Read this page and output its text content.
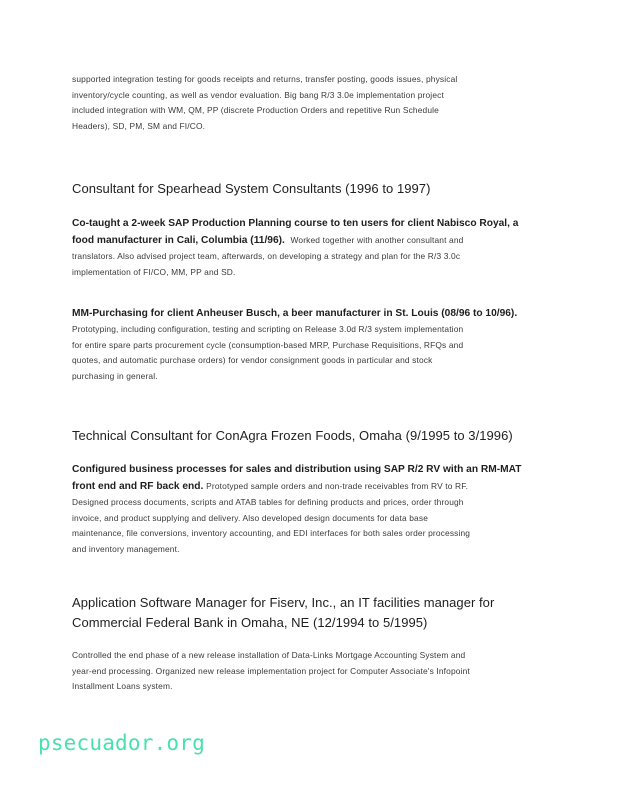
supported integration testing for goods receipts and returns, transfer posting, goods issues, physical
inventory/cycle counting, as well as vendor evaluation. Big bang R/3 3.0e implementation project
included integration with WM, QM, PP (discrete Production Orders and repetitive Run Schedule
Headers), SD, PM, SM and FI/CO.
Consultant for Spearhead System Consultants (1996 to 1997)
Co-taught a 2-week SAP Production Planning course to ten users for client Nabisco Royal, a
food manufacturer in Cali, Columbia (11/96). Worked together with another consultant and
translators. Also advised project team, afterwards, on developing a strategy and plan for the R/3 3.0c
implementation of FI/CO, MM, PP and SD.
MM-Purchasing for client Anheuser Busch, a beer manufacturer in St. Louis (08/96 to 10/96).
Prototyping, including configuration, testing and scripting on Release 3.0d R/3 system implementation
for entire spare parts procurement cycle (consumption-based MRP, Purchase Requisitions, RFQs and
quotes, and automatic purchase orders) for vendor consignment goods in particular and stock
purchasing in general.
Technical Consultant for ConAgra Frozen Foods, Omaha (9/1995 to 3/1996)
Configured business processes for sales and distribution using SAP R/2 RV with an RM-MAT
front end and RF back end. Prototyped sample orders and non-trade receivables from RV to RF.
Designed process documents, scripts and ATAB tables for defining products and prices, order through
invoice, and product supplying and delivery. Also developed design documents for data base
maintenance, file conversions, inventory accounting, and EDI interfaces for both sales order processing
and inventory management.
Application Software Manager for Fiserv, Inc., an IT facilities manager for
Commercial Federal Bank in Omaha, NE (12/1994 to 5/1995)
Controlled the end phase of a new release installation of Data-Links Mortgage Accounting System and
year-end processing. Organized new release implementation project for Computer Associate's Infopoint
Installment Loans system.
psecuador.org
